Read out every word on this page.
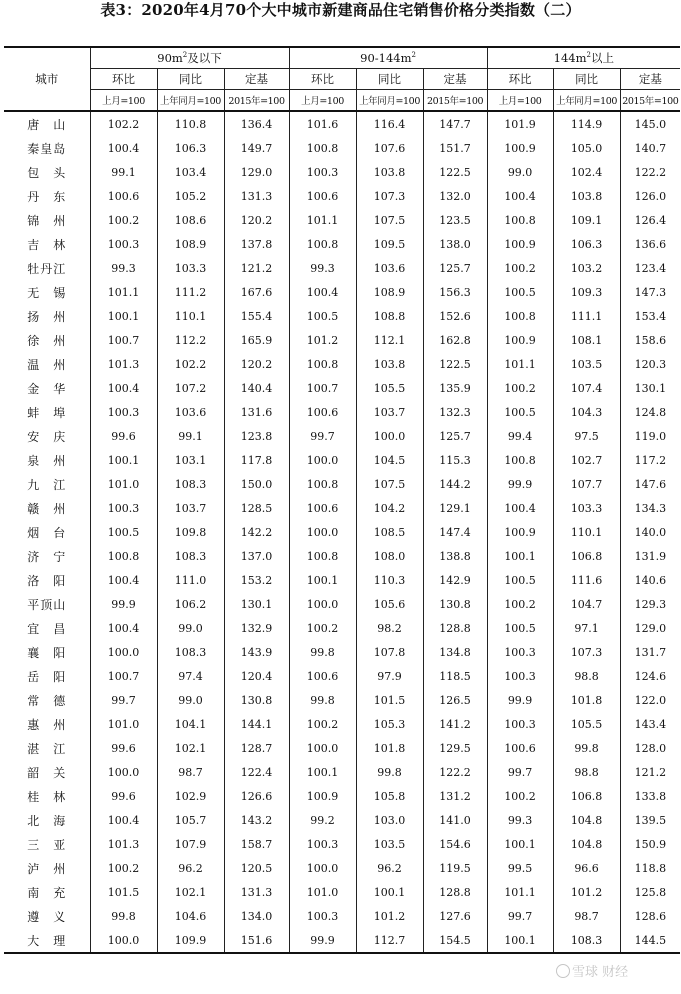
表3：2020年4月70个大中城市新建商品住宅销售价格分类指数（二）
城市	$90m^2$及以下			$90-144m^2$			$144m^2$以上		
	环比	同比	定基	环比	同比	定基	环比	同比	定基
	上月=100	上年同月=100	2015年=100	上月=100	上年同月=100	2015年=100	上月=100	上年同月=100	2015年=100
唐　山	102.2	110.8	136.4	101.6	116.4	147.7	101.9	114.9	145.0
秦皇岛	100.4	106.3	149.7	100.8	107.6	151.7	100.9	105.0	140.7
包　头	99.1	103.4	129.0	100.3	103.8	122.5	99.0	102.4	122.2
丹　东	100.6	105.2	131.3	100.6	107.3	132.0	100.4	103.8	126.0
锦　州	100.2	108.6	120.2	101.1	107.5	123.5	100.8	109.1	126.4
吉　林	100.3	108.9	137.8	100.8	109.5	138.0	100.9	106.3	136.6
牡丹江	99.3	103.3	121.2	99.3	103.6	125.7	100.2	103.2	123.4
无　锡	101.1	111.2	167.6	100.4	108.9	156.3	100.5	109.3	147.3
扬　州	100.1	110.1	155.4	100.5	108.8	152.6	100.8	111.1	153.4
徐　州	100.7	112.2	165.9	101.2	112.1	162.8	100.9	108.1	158.6
温　州	101.3	102.2	120.2	100.8	103.8	122.5	101.1	103.5	120.3
金　华	100.4	107.2	140.4	100.7	105.5	135.9	100.2	107.4	130.1
蚌　埠	100.3	103.6	131.6	100.6	103.7	132.3	100.5	104.3	124.8
安　庆	99.6	99.1	123.8	99.7	100.0	125.7	99.4	97.5	119.0
泉　州	100.1	103.1	117.8	100.0	104.5	115.3	100.8	102.7	117.2
九　江	101.0	108.3	150.0	100.8	107.5	144.2	99.9	107.7	147.6
赣　州	100.3	103.7	128.5	100.6	104.2	129.1	100.4	103.3	134.3
烟　台	100.5	109.8	142.2	100.0	108.5	147.4	100.9	110.1	140.0
济　宁	100.8	108.3	137.0	100.8	108.0	138.8	100.1	106.8	131.9
洛　阳	100.4	111.0	153.2	100.1	110.3	142.9	100.5	111.6	140.6
平顶山	99.9	106.2	130.1	100.0	105.6	130.8	100.2	104.7	129.3
宜　昌	100.4	99.0	132.9	100.2	98.2	128.8	100.5	97.1	129.0
襄　阳	100.0	108.3	143.9	99.8	107.8	134.8	100.3	107.3	131.7
岳　阳	100.7	97.4	120.4	100.6	97.9	118.5	100.3	98.8	124.6
常　德	99.7	99.0	130.8	99.8	101.5	126.5	99.9	101.8	122.0
惠　州	101.0	104.1	144.1	100.2	105.3	141.2	100.3	105.5	143.4
湛　江	99.6	102.1	128.7	100.0	101.8	129.5	100.6	99.8	128.0
韶　关	100.0	98.7	122.4	100.1	99.8	122.2	99.7	98.8	121.2
桂　林	99.6	102.9	126.6	100.9	105.8	131.2	100.2	106.8	133.8
北　海	100.4	105.7	143.2	99.2	103.0	141.0	99.3	104.8	139.5
三　亚	101.3	107.9	158.7	100.3	103.5	154.6	100.1	104.8	150.9
泸　州	100.2	96.2	120.5	100.0	96.2	119.5	99.5	96.6	118.8
南　充	101.5	102.1	131.3	101.0	100.1	128.8	101.1	101.2	125.8
遵　义	99.8	104.6	134.0	100.3	101.2	127.6	99.7	98.7	128.6
大　理	100.0	109.9	151.6	99.9	112.7	154.5	100.1	108.3	144.5
雪球 财经
